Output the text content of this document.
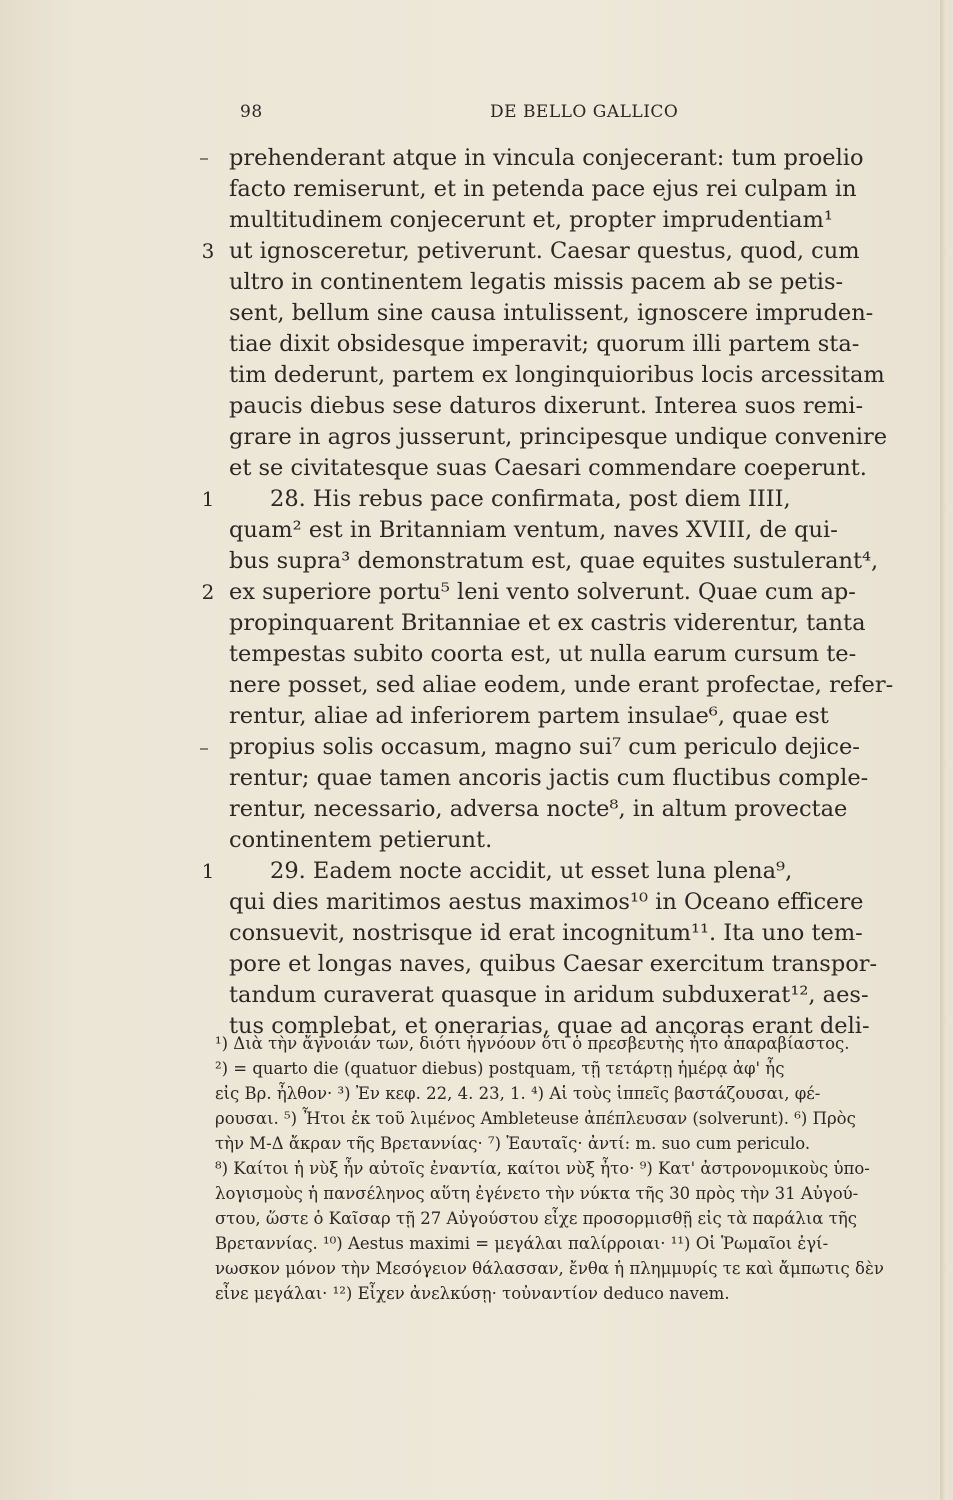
98	DE BELLO GALLICO
prehenderant atque in vincula conjecerant: tum proelio
facto remiserunt, et in petenda pace ejus rei culpam in
multitudinem conjecerunt et, propter imprudentiam¹
ut ignosceretur, petiverunt. Caesar questus, quod, cum
ultro in continentem legatis missis pacem ab se petis-
sent, bellum sine causa intulissent, ignoscere impruden-
tiae dixit obsidesque imperavit; quorum illi partem sta-
tim dederunt, partem ex longinquioribus locis arcessitam
paucis diebus sese daturos dixerunt. Interea suos remi-
grare in agros jusserunt, principesque undique convenire
et se civitatesque suas Caesari commendare coeperunt.
28. His rebus pace confirmata, post diem IIII,
quam² est in Britanniam ventum, naves XVIII, de qui-
bus supra³ demonstratum est, quae equites sustulerant⁴,
ex superiore portu⁵ leni vento solverunt. Quae cum ap-
propinquarent Britanniae et ex castris viderentur, tanta
tempestas subito coorta est, ut nulla earum cursum te-
nere posset, sed aliae eodem, unde erant profectae, refer-
rentur, aliae ad inferiorem partem insulae⁶, quae est
propius solis occasum, magno sui⁷ cum periculo dejice-
rentur; quae tamen ancoris jactis cum fluctibus comple-
rentur, necessario, adversa nocte⁸, in altum provectae
continentem petierunt.
29. Eadem nocte accidit, ut esset luna plena⁹,
qui dies maritimos aestus maximos¹⁰ in Oceano efficere
consuevit, nostrisque id erat incognitum¹¹. Ita uno tem-
pore et longas naves, quibus Caesar exercitum transpor-
tandum curaverat quasque in aridum subduxerat¹², aes-
tus complebat, et onerarias, quae ad ancoras erant deli-
3
1
2
1
¹) Διὰ τὴν ἄγνοιάν των, διότι ἠγνόουν ὅτι ὁ πρεσβευτὴς ἦτο ἀπαραβίαστος.
²) = quarto die (quatuor diebus) postquam, τῇ τετάρτῃ ἡμέρᾳ ἀφ' ἧς
εἰς Βρ. ἦλθον· ³) Ἐν κεφ. 22, 4. 23, 1. ⁴) Αἱ τοὺς ἱππεῖς βαστάζουσαι, φέ-
ρουσαι. ⁵) Ἦτοι ἐκ τοῦ λιμένος Ambleteuse ἀπέπλευσαν (solverunt). ⁶) Πρὸς
τὴν Μ-Δ ἄκραν τῆς Βρεταννίας· ⁷) Ἑαυταῖς· ἀντί: m. suo cum periculo.
⁸) Καίτοι ἡ νὺξ ἦν αὐτοῖς ἐναντία, καίτοι νὺξ ἦτο· ⁹) Κατ' ἀστρονομικοὺς ὑπο-
λογισμοὺς ἡ πανσέληνος αὕτη ἐγένετο τὴν νύκτα τῆς 30 πρὸς τὴν 31 Αὐγού-
στου, ὥστε ὁ Καῖσαρ τῇ 27 Αὐγούστου εἶχε προσορμισθῇ εἰς τὰ παράλια τῆς
Βρεταννίας. ¹⁰) Aestus maximi = μεγάλαι παλίρροιαι· ¹¹) Οἱ Ῥωμαῖοι ἐγί-
νωσκον μόνον τὴν Μεσόγειον θάλασσαν, ἔνθα ἡ πλημμυρίς τε καὶ ἄμπωτις δὲν
εἶνε μεγάλαι· ¹²) Εἶχεν ἀνελκύσῃ· τοὐναντίον deduco navem.
